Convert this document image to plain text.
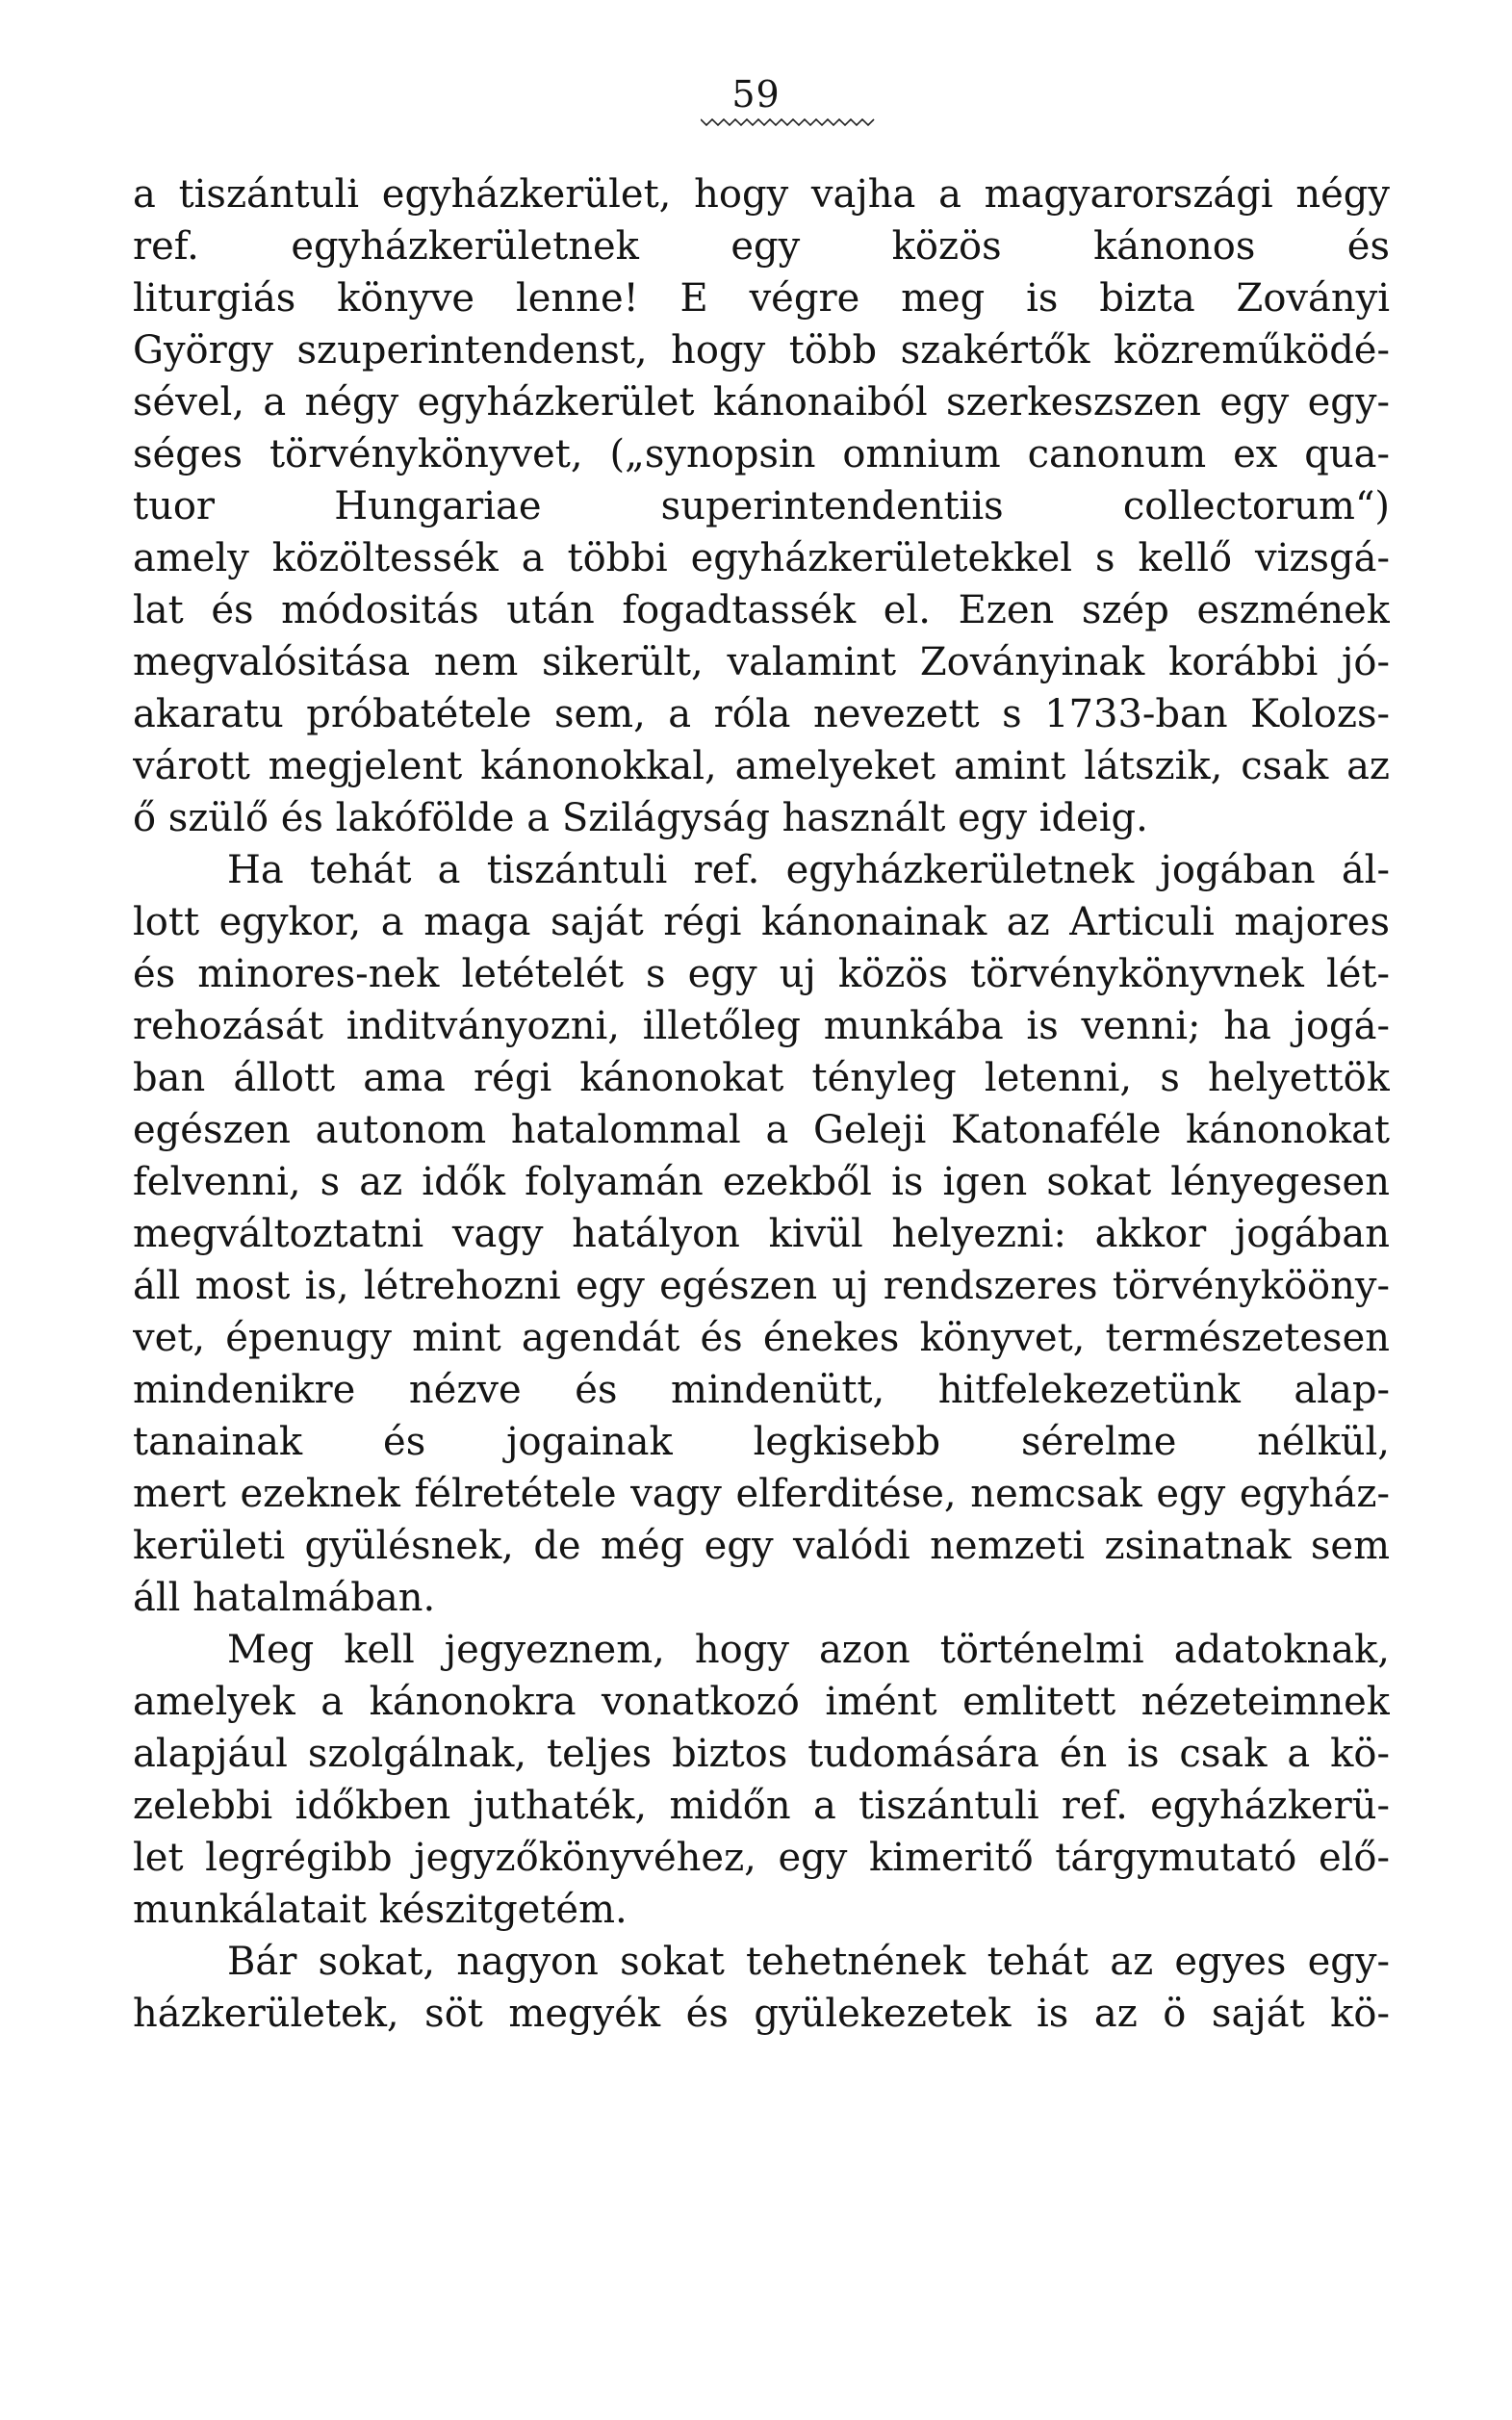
59
a tiszántuli egyházkerület, hogy vajha a magyarországi négy
ref. egyházkerületnek egy közös kánonos és
liturgiás könyve lenne! E végre meg is bizta Zoványi
György szuperintendenst, hogy több szakértők közreműködé-
sével, a négy egyházkerület kánonaiból szerkeszszen egy egy-
séges törvénykönyvet, („synopsin omnium canonum ex qua-
tuor Hungariae superintendentiis collectorum“)
amely közöltessék a többi egyházkerületekkel s kellő vizsgá-
lat és módositás után fogadtassék el. Ezen szép eszmének
megvalósitása nem sikerült, valamint Zoványinak korábbi jó-
akaratu próbatétele sem, a róla nevezett s 1733-ban Kolozs-
várott megjelent kánonokkal, amelyeket amint látszik, csak az
ő szülő és lakófölde a Szilágyság használt egy ideig.
Ha tehát a tiszántuli ref. egyházkerületnek jogában ál-
lott egykor, a maga saját régi kánonainak az Articuli majores
és minores-nek letételét s egy uj közös törvénykönyvnek lét-
rehozását inditványozni, illetőleg munkába is venni; ha jogá-
ban állott ama régi kánonokat tényleg letenni, s helyettök
egészen autonom hatalommal a Geleji Katonaféle kánonokat
felvenni, s az idők folyamán ezekből is igen sokat lényegesen
megváltoztatni vagy hatályon kivül helyezni: akkor jogában
áll most is, létrehozni egy egészen uj rendszeres törvénykööny-
vet, épenugy mint agendát és énekes könyvet, természetesen
mindenikre nézve és mindenütt, hitfelekezetünk alap-
tanainak és jogainak legkisebb sérelme nélkül,
mert ezeknek félretétele vagy elferditése, nemcsak egy egyház-
kerületi gyülésnek, de még egy valódi nemzeti zsinatnak sem
áll hatalmában.
Meg kell jegyeznem, hogy azon történelmi adatoknak,
amelyek a kánonokra vonatkozó imént emlitett nézeteimnek
alapjául szolgálnak, teljes biztos tudomására én is csak a kö-
zelebbi időkben juthaték, midőn a tiszántuli ref. egyházkerü-
let legrégibb jegyzőkönyvéhez, egy kimeritő tárgymutató elő-
munkálatait készitgetém.
Bár sokat, nagyon sokat tehetnének tehát az egyes egy-
házkerületek, söt megyék és gyülekezetek is az ö saját kö-
